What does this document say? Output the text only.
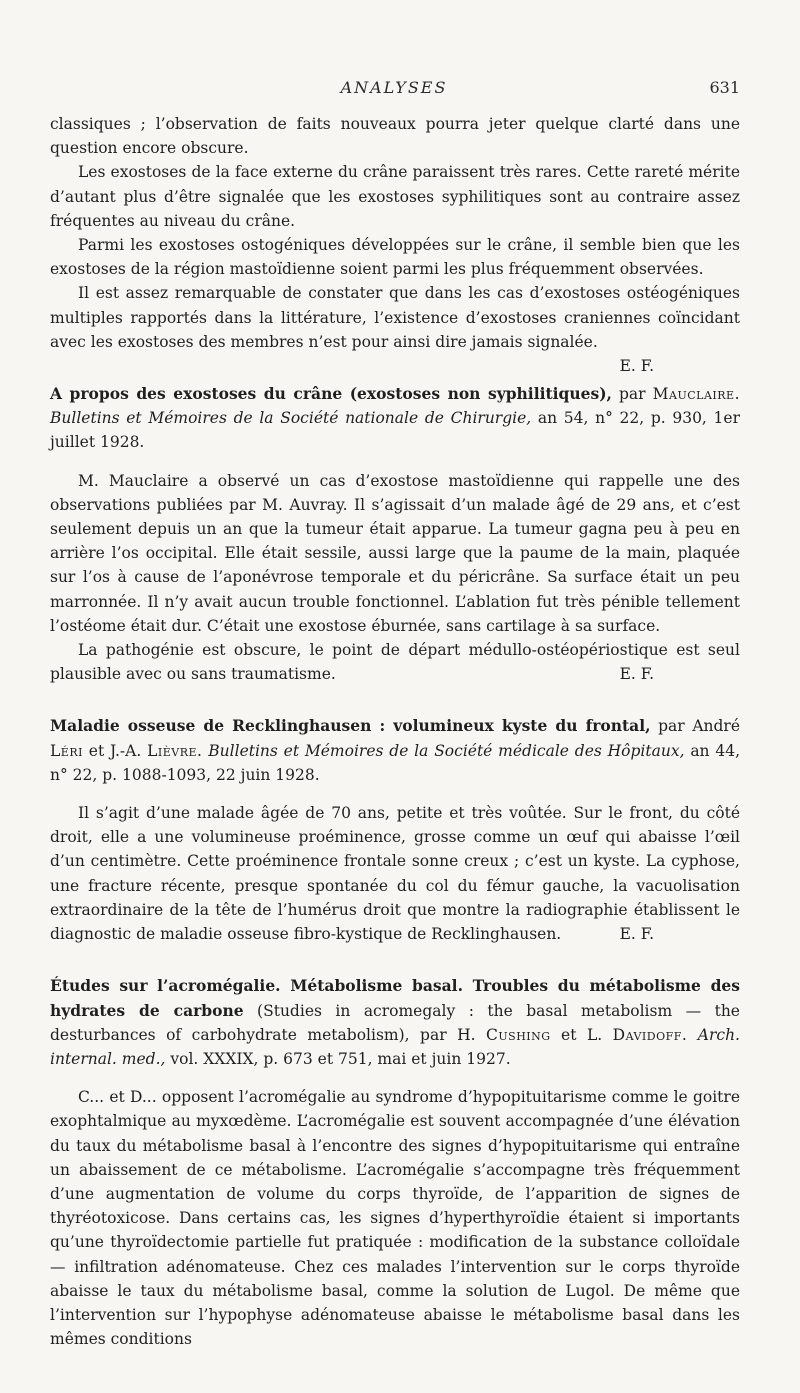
ANALYSES	631

classiques ; l’observation de faits nouveaux pourra jeter quelque clarté dans une question encore obscure.

Les exostoses de la face externe du crâne paraissent très rares. Cette rareté mérite d’autant plus d’être signalée que les exostoses syphilitiques sont au contraire assez fréquentes au niveau du crâne.

Parmi les exostoses ostogéniques développées sur le crâne, il semble bien que les exostoses de la région mastoïdienne soient parmi les plus fréquemment observées.

Il est assez remarquable de constater que dans les cas d’exostoses ostéogéniques multiples rapportés dans la littérature, l’existence d’exostoses craniennes coïncidant avec les exostoses des membres n’est pour ainsi dire jamais signalée.
E. F.

A propos des exostoses du crâne (exostoses non syphilitiques), par Mauclaire. Bulletins et Mémoires de la Société nationale de Chirurgie, an 54, n° 22, p. 930, 1er juillet 1928.

M. Mauclaire a observé un cas d’exostose mastoïdienne qui rappelle une des observations publiées par M. Auvray. Il s’agissait d’un malade âgé de 29 ans, et c’est seulement depuis un an que la tumeur était apparue. La tumeur gagna peu à peu en arrière l’os occipital. Elle était sessile, aussi large que la paume de la main, plaquée sur l’os à cause de l’aponévrose temporale et du péricrâne. Sa surface était un peu marronnée. Il n’y avait aucun trouble fonctionnel. L’ablation fut très pénible tellement l’ostéome était dur. C’était une exostose éburnée, sans cartilage à sa surface.

La pathogénie est obscure, le point de départ médullo-ostéopériostique est seul plausible avec ou sans traumatisme.	E. F.

Maladie osseuse de Recklinghausen : volumineux kyste du frontal, par André Léri et J.-A. Lièvre. Bulletins et Mémoires de la Société médicale des Hôpitaux, an 44, n° 22, p. 1088-1093, 22 juin 1928.

Il s’agit d’une malade âgée de 70 ans, petite et très voûtée. Sur le front, du côté droit, elle a une volumineuse proéminence, grosse comme un œuf qui abaisse l’œil d’un centimètre. Cette proéminence frontale sonne creux ; c’est un kyste. La cyphose, une fracture récente, presque spontanée du col du fémur gauche, la vacuolisation extraordinaire de la tête de l’humérus droit que montre la radiographie établissent le diagnostic de maladie osseuse fibro-kystique de Recklinghausen.	E. F.

Études sur l’acromégalie. Métabolisme basal. Troubles du métabolisme des hydrates de carbone (Studies in acromegaly : the basal metabolism — the desturbances of carbohydrate metabolism), par H. Cushing et L. Davidoff. Arch. internal. med., vol. XXXIX, p. 673 et 751, mai et juin 1927.

C... et D... opposent l’acromégalie au syndrome d’hypopituitarisme comme le goitre exophtalmique au myxœdème. L’acromégalie est souvent accompagnée d’une élévation du taux du métabolisme basal à l’encontre des signes d’hypopituitarisme qui entraîne un abaissement de ce métabolisme. L’acromégalie s’accompagne très fréquemment d’une augmentation de volume du corps thyroïde, de l’apparition de signes de thyréotoxicose. Dans certains cas, les signes d’hyperthyroïdie étaient si importants qu’une thyroïdectomie partielle fut pratiquée : modification de la substance colloïdale — infiltration adénomateuse. Chez ces malades l’intervention sur le corps thyroïde abaisse le taux du métabolisme basal, comme la solution de Lugol. De même que l’intervention sur l’hypophyse adénomateuse abaisse le métabolisme basal dans les mêmes conditions
